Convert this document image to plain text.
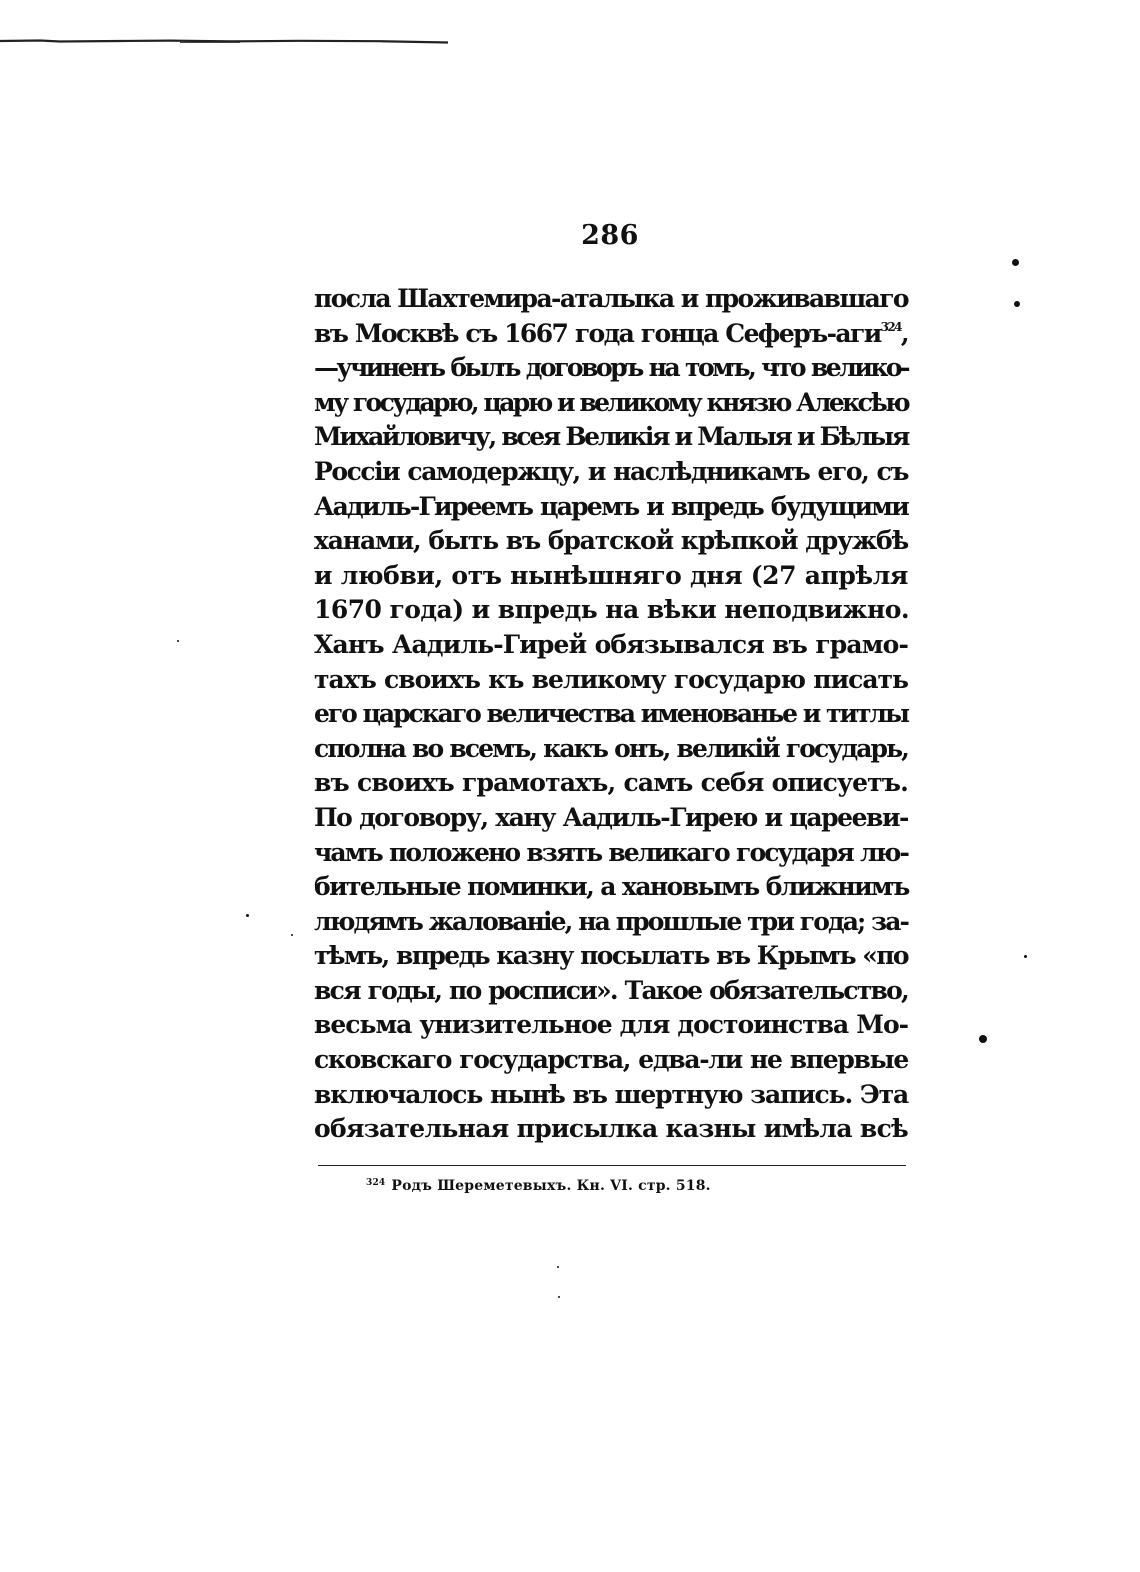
286
посла Шахтемира-аталыка и проживавшаго
въ Москвѣ съ 1667 года гонца Сеферъ-аги$^{324}$,
—учиненъ былъ договоръ на томъ, что велико-
му государю, царю и великому князю Алексѣю
Михайловичу, всея Великія и Малыя и Бѣлыя
Россіи самодержцу, и наслѣдникамъ его, съ
Аадиль-Гиреемъ царемъ и впредь будущими
ханами, быть въ братской крѣпкой дружбѣ
и любви, отъ нынѣшняго дня (27 апрѣля
1670 года) и впредь на вѣки неподвижно.
Ханъ Аадиль-Гирей обязывался въ грамо-
тахъ своихъ къ великому государю писать
его царскаго величества именованье и титлы
сполна во всемъ, какъ онъ, великій государь,
въ своихъ грамотахъ, самъ себя описуетъ.
По договору, хану Аадиль-Гирею и царееви-
чамъ положено взять великаго государя лю-
бительные поминки, а хановымъ ближнимъ
людямъ жалованіе, на прошлые три года; за-
тѣмъ, впредь казну посылать въ Крымъ «по
вся годы, по росписи». Такое обязательство,
весьма унизительное для достоинства Мо-
сковскаго государства, едва-ли не впервые
включалось нынѣ въ шертную запись. Эта
обязательная присылка казны имѣла всѣ
$^{324}$ Родъ Шереметевыхъ. Кн. VI. стр. 518.
